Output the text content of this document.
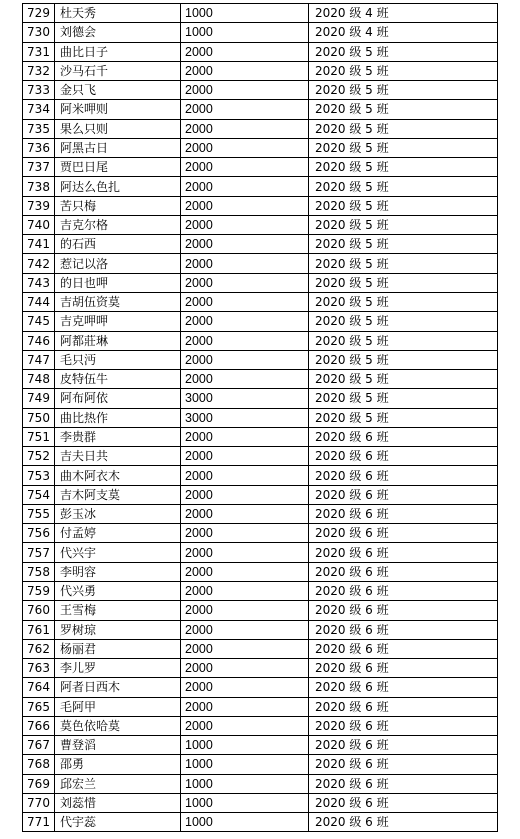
729	杜天秀	1000	2020 级 4 班
730	刘德会	1000	2020 级 4 班
731	曲比日子	2000	2020 级 5 班
732	沙马石千	2000	2020 级 5 班
733	金只飞	2000	2020 级 5 班
734	阿米呷则	2000	2020 级 5 班
735	果么只则	2000	2020 级 5 班
736	阿黑古日	2000	2020 级 5 班
737	贾巴日尾	2000	2020 级 5 班
738	阿达么色扎	2000	2020 级 5 班
739	苦只梅	2000	2020 级 5 班
740	吉克尔格	2000	2020 级 5 班
741	的石西	2000	2020 级 5 班
742	惹记以洛	2000	2020 级 5 班
743	的日也呷	2000	2020 级 5 班
744	吉胡伍资莫	2000	2020 级 5 班
745	吉克呷呷	2000	2020 级 5 班
746	阿都莊琳	2000	2020 级 5 班
747	毛只沔	2000	2020 级 5 班
748	皮特伍牛	2000	2020 级 5 班
749	阿布阿依	3000	2020 级 5 班
750	曲比热作	3000	2020 级 5 班
751	李贵群	2000	2020 级 6 班
752	吉夫日共	2000	2020 级 6 班
753	曲木阿衣木	2000	2020 级 6 班
754	吉木阿支莫	2000	2020 级 6 班
755	彭玉冰	2000	2020 级 6 班
756	付孟婷	2000	2020 级 6 班
757	代兴宇	2000	2020 级 6 班
758	李明容	2000	2020 级 6 班
759	代兴勇	2000	2020 级 6 班
760	王雪梅	2000	2020 级 6 班
761	罗树琼	2000	2020 级 6 班
762	杨丽君	2000	2020 级 6 班
763	李儿罗	2000	2020 级 6 班
764	阿者日西木	2000	2020 级 6 班
765	毛阿甲	2000	2020 级 6 班
766	莫色依哈莫	2000	2020 级 6 班
767	曹登滔	1000	2020 级 6 班
768	邵勇	1000	2020 级 6 班
769	邱宏兰	1000	2020 级 6 班
770	刘蕊惜	1000	2020 级 6 班
771	代宇蕊	1000	2020 级 6 班
